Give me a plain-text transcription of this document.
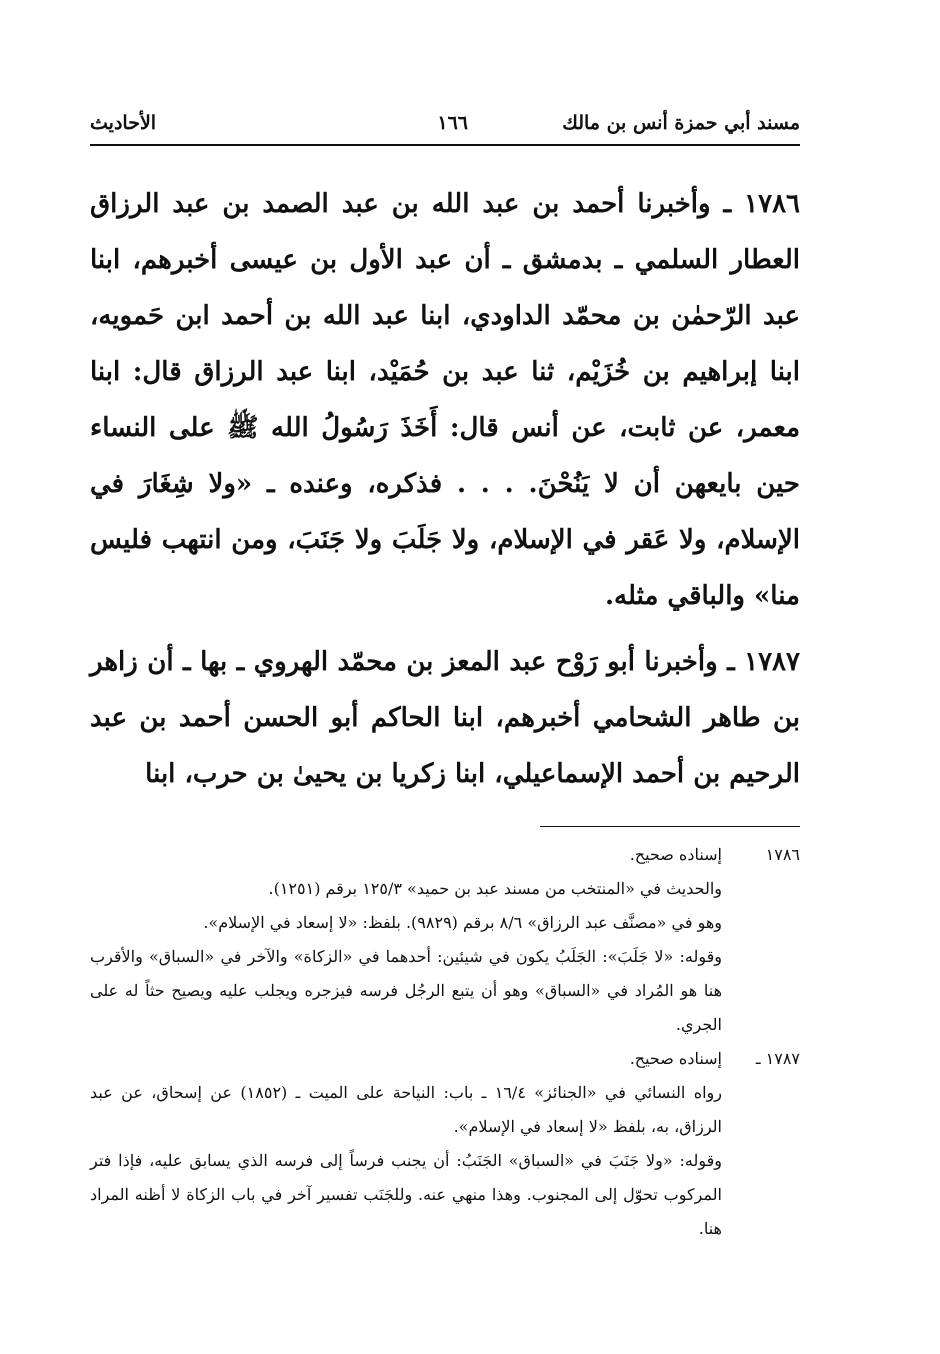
مسند أبي حمزة أنس بن مالك
١٦٦
الأحاديث

١٧٨٦ ـ وأخبرنا أحمد بن عبد الله بن عبد الصمد بن عبد الرزاق العطار السلمي ـ بدمشق ـ أن عبد الأول بن عيسى أخبرهم، ابنا عبد الرّحمٰن بن محمّد الداودي، ابنا عبد الله بن أحمد ابن حَمويه، ابنا إبراهيم بن خُزَيْم، ثنا عبد بن حُمَيْد، ابنا عبد الرزاق قال: ابنا معمر، عن ثابت، عن أنس قال: أَخَذَ رَسُولُ الله ﷺ على النساء حين بايعهن أن لا يَنُحْنَ. . . . فذكره، وعنده ـ «ولا شِغَارَ في الإسلام، ولا عَقر في الإسلام، ولا جَلَبَ ولا جَنَبَ، ومن انتهب فليس منا» والباقي مثله.

١٧٨٧ ـ وأخبرنا أبو رَوْح عبد المعز بن محمّد الهروي ـ بها ـ أن زاهر بن طاهر الشحامي أخبرهم، ابنا الحاكم أبو الحسن أحمد بن عبد الرحيم بن أحمد الإسماعيلي، ابنا زكريا بن يحيىٰ بن حرب، ابنا

١٧٨٦
إسناده صحيح.
والحديث في «المنتخب من مسند عبد بن حميد» ١٢٥/٣ برقم (١٢٥١).
وهو في «مصنَّف عبد الرزاق» ٨/٦ برقم (٩٨٢٩). بلفظ: «لا إسعاد في الإسلام».
وقوله: «لا جَلَبَ»: الجَلَبُ يكون في شيئين: أحدهما في «الزكاة» والآخر في «السباق» والأقرب هنا هو المُراد في «السباق» وهو أن يتبع الرجُل فرسه فيزجره ويجلب عليه ويصيح حثاً له على الجري.
١٧٨٧ ـ
إسناده صحيح.
رواه النسائي في «الجنائز» ١٦/٤ ـ باب: النياحة على الميت ـ (١٨٥٢) عن إسحاق، عن عبد الرزاق، به، بلفظ «لا إسعاد في الإسلام».
وقوله: «ولا جَنَبَ في «السباق» الجَنَبُ: أن يجنب فرساً إلى فرسه الذي يسابق عليه، فإذا فتر المركوب تحوّل إلى المجنوب. وهذا منهي عنه. وللجَنَب تفسير آخر في باب الزكاة لا أظنه المراد هنا.
